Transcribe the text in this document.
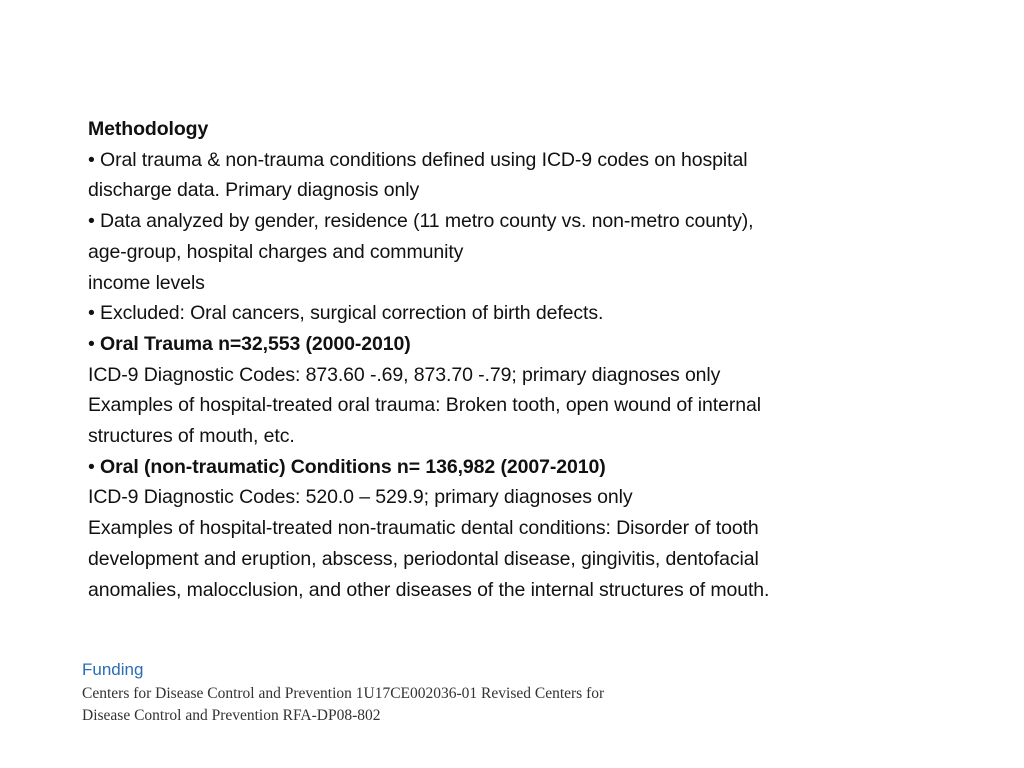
Methodology
• Oral trauma & non-trauma conditions defined using ICD-9 codes on hospital
discharge data. Primary diagnosis only
• Data analyzed by gender, residence (11 metro county vs. non-metro county),
age-group, hospital charges and community
income levels
• Excluded: Oral cancers, surgical correction of birth defects.
• Oral Trauma n=32,553 (2000-2010)
ICD-9 Diagnostic Codes: 873.60 -.69, 873.70 -.79; primary diagnoses only
Examples of hospital-treated oral trauma: Broken tooth, open wound of internal
structures of mouth, etc.
• Oral (non-traumatic) Conditions n= 136,982 (2007-2010)
ICD-9 Diagnostic Codes: 520.0 – 529.9; primary diagnoses only
Examples of hospital-treated non-traumatic dental conditions: Disorder of tooth
development and eruption, abscess, periodontal disease, gingivitis, dentofacial
anomalies, malocclusion, and other diseases of the internal structures of mouth.
Funding
Centers for Disease Control and Prevention 1U17CE002036-01 Revised Centers for
Disease Control and Prevention RFA-DP08-802
